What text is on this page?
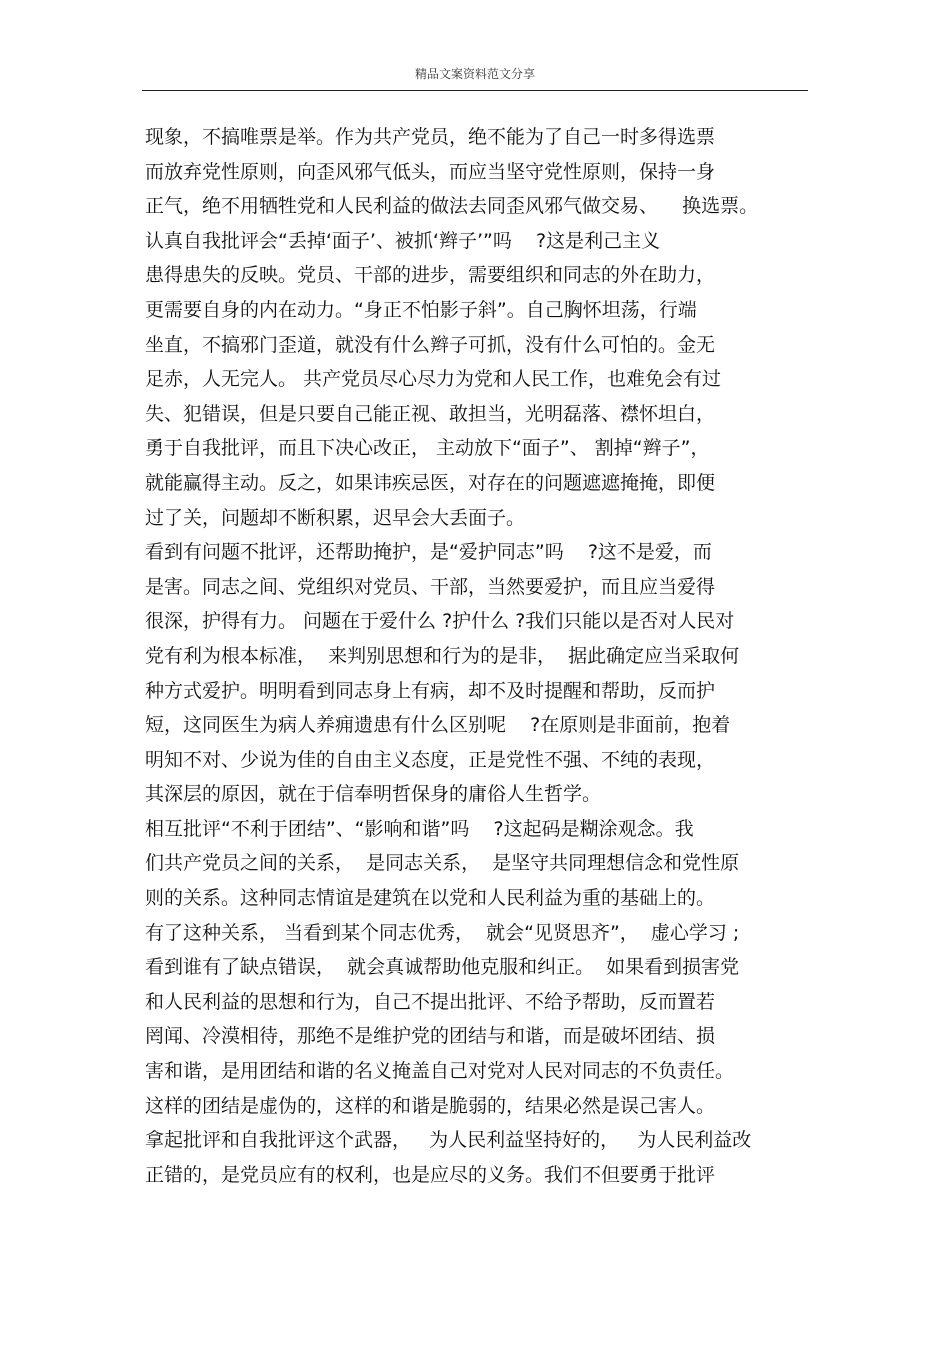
精品文案资料范文分享
现象，不搞唯票是举。作为共产党员，绝不能为了自己一时多得选票
而放弃党性原则，向歪风邪气低头，而应当坚守党性原则，保持一身
正气，绝不用牺牲党和人民利益的做法去同歪风邪气做交易、    换选票。
认真自我批评会“丢掉‘面子’、被抓‘辫子’”吗    ?这是利己主义
患得患失的反映。党员、干部的进步，需要组织和同志的外在助力，
更需要自身的内在动力。“身正不怕影子斜”。自己胸怀坦荡，行端
坐直，不搞邪门歪道，就没有什么辫子可抓，没有什么可怕的。金无
足赤，人无完人。 共产党员尽心尽力为党和人民工作，也难免会有过
失、犯错误，但是只要自己能正视、敢担当，光明磊落、襟怀坦白，
勇于自我批评，而且下决心改正， 主动放下“面子”、 割掉“辫子”，
就能赢得主动。反之，如果讳疾忌医，对存在的问题遮遮掩掩，即便
过了关，问题却不断积累，迟早会大丢面子。
看到有问题不批评，还帮助掩护，是“爱护同志”吗    ?这不是爱，而
是害。同志之间、党组织对党员、干部，当然要爱护，而且应当爱得
很深，护得有力。 问题在于爱什么 ?护什么 ?我们只能以是否对人民对
党有利为根本标准，  来判别思想和行为的是非，  据此确定应当采取何
种方式爱护。明明看到同志身上有病，却不及时提醒和帮助，反而护
短，这同医生为病人养痈遗患有什么区别呢    ?在原则是非面前，抱着
明知不对、少说为佳的自由主义态度，正是党性不强、不纯的表现，
其深层的原因，就在于信奉明哲保身的庸俗人生哲学。
相互批评“不利于团结”、“影响和谐”吗    ?这起码是糊涂观念。我
们共产党员之间的关系，  是同志关系，  是坚守共同理想信念和党性原
则的关系。这种同志情谊是建筑在以党和人民利益为重的基础上的。
有了这种关系， 当看到某个同志优秀，  就会“见贤思齐”，  虚心学习 ;
看到谁有了缺点错误，  就会真诚帮助他克服和纠正。  如果看到损害党
和人民利益的思想和行为，自己不提出批评、不给予帮助，反而置若
罔闻、冷漠相待，那绝不是维护党的团结与和谐，而是破坏团结、损
害和谐，是用团结和谐的名义掩盖自己对党对人民对同志的不负责任。
这样的团结是虚伪的，这样的和谐是脆弱的，结果必然是误己害人。
拿起批评和自我批评这个武器，   为人民利益坚持好的，   为人民利益改
正错的，是党员应有的权利，也是应尽的义务。我们不但要勇于批评
